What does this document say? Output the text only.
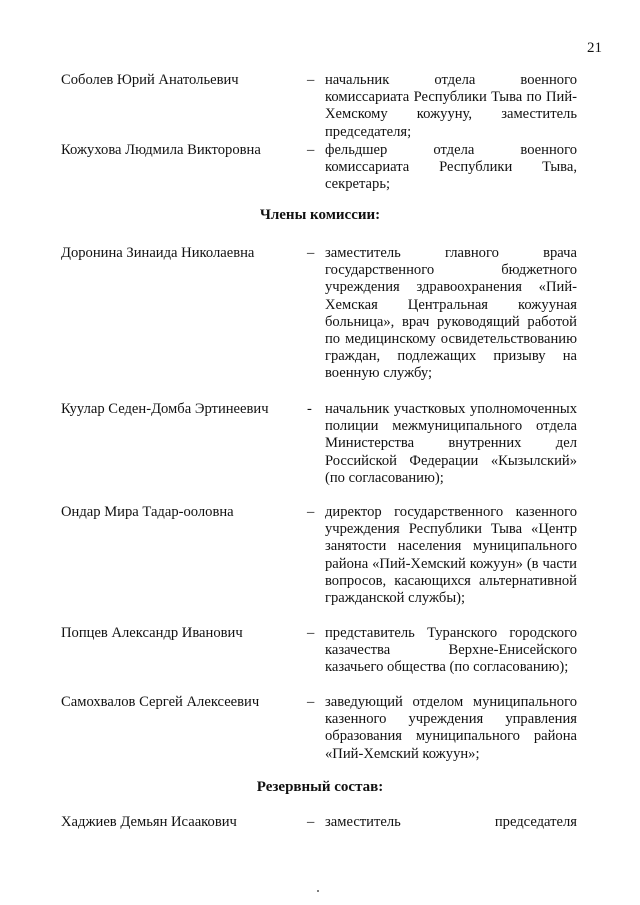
21
Соболев Юрий Анатольевич	– начальник отдела военного комиссариата Республики Тыва по Пий-Хемскому кожууну, заместитель председателя;
Кожухова Людмила Викторовна	– фельдшер отдела военного комиссариата Республики Тыва, секретарь;
Члены комиссии:
Доронина Зинаида Николаевна	– заместитель главного врача государственного бюджетного учреждения здравоохранения «Пий-Хемская Центральная кожууная больница», врач руководящий работой по медицинскому освидетельствованию граждан, подлежащих призыву на военную службу;
Куулар Седен-Домба Эртинеевич	- начальник участковых уполномоченных полиции межмуниципального отдела Министерства внутренних дел Российской Федерации «Кызылский» (по согласованию);
Ондар Мира Тадар-ооловна	– директор государственного казенного учреждения Республики Тыва «Центр занятости населения муниципального района «Пий-Хемский кожуун» (в части вопросов, касающихся альтернативной гражданской службы);
Попцев Александр Иванович	– представитель Туранского городского казачества Верхне-Енисейского казачьего общества (по согласованию);
Самохвалов Сергей Алексеевич	– заведующий отделом муниципального казенного учреждения управления образования муниципального района «Пий-Хемский кожуун»;
Резервный состав:
Хаджиев Демьян Исаакович	– заместитель председателя
